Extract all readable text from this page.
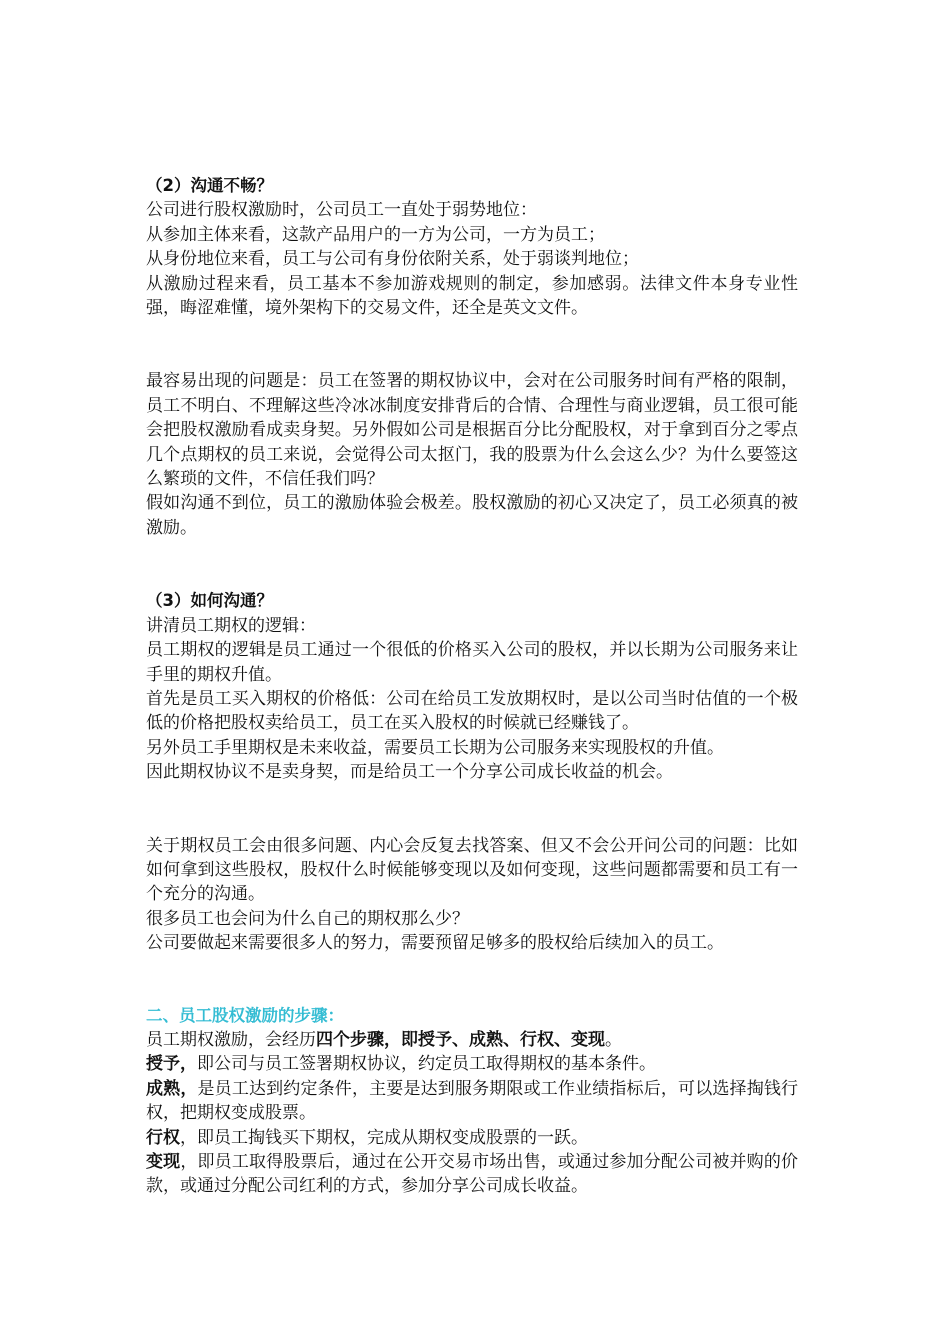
（2）沟通不畅？

公司进行股权激励时，公司员工一直处于弱势地位：

从参加主体来看，这款产品用户的一方为公司，一方为员工；

从身份地位来看，员工与公司有身份依附关系，处于弱谈判地位；

从激励过程来看，员工基本不参加游戏规则的制定，参加感弱。法律文件本身专业性强，晦涩难懂，境外架构下的交易文件，还全是英文文件。

最容易出现的问题是：员工在签署的期权协议中，会对在公司服务时间有严格的限制，员工不明白、不理解这些冷冰冰制度安排背后的合情、合理性与商业逻辑，员工很可能会把股权激励看成卖身契。另外假如公司是根据百分比分配股权，对于拿到百分之零点几个点期权的员工来说，会觉得公司太抠门，我的股票为什么会这么少？为什么要签这么繁琐的文件，不信任我们吗？

假如沟通不到位，员工的激励体验会极差。股权激励的初心又决定了，员工必须真的被激励。

（3）如何沟通？

讲清员工期权的逻辑：

员工期权的逻辑是员工通过一个很低的价格买入公司的股权，并以长期为公司服务来让手里的期权升值。

首先是员工买入期权的价格低：公司在给员工发放期权时，是以公司当时估值的一个极低的价格把股权卖给员工，员工在买入股权的时候就已经赚钱了。

另外员工手里期权是未来收益，需要员工长期为公司服务来实现股权的升值。

因此期权协议不是卖身契，而是给员工一个分享公司成长收益的机会。

关于期权员工会由很多问题、内心会反复去找答案、但又不会公开问公司的问题：比如如何拿到这些股权，股权什么时候能够变现以及如何变现，这些问题都需要和员工有一个充分的沟通。

很多员工也会问为什么自己的期权那么少？

公司要做起来需要很多人的努力，需要预留足够多的股权给后续加入的员工。

二、员工股权激励的步骤：

员工期权激励，会经历四个步骤，即授予、成熟、行权、变现。

授予，即公司与员工签署期权协议，约定员工取得期权的基本条件。

成熟，是员工达到约定条件，主要是达到服务期限或工作业绩指标后，可以选择掏钱行权，把期权变成股票。

行权，即员工掏钱买下期权，完成从期权变成股票的一跃。

变现，即员工取得股票后，通过在公开交易市场出售，或通过参加分配公司被并购的价款，或通过分配公司红利的方式，参加分享公司成长收益。
